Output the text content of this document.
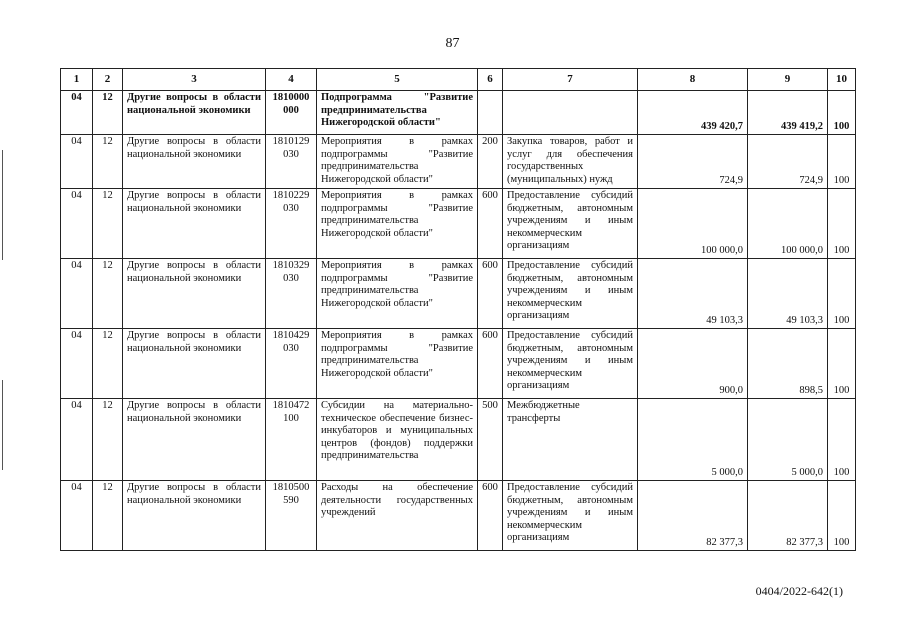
87
1	2	3	4	5	6	7	8	9	10
04	12	Другие вопросы в области национальной экономики	1810000 000	Подпрограмма "Развитие предпринимательства Нижегородской области"			439 420,7	439 419,2	100
04	12	Другие вопросы в области национальной экономики	1810129 030	Мероприятия в рамках подпрограммы "Развитие предпринимательства Нижегородской области"	200	Закупка товаров, работ и услуг для обеспечения государственных (муниципальных) нужд	724,9	724,9	100
04	12	Другие вопросы в области национальной экономики	1810229 030	Мероприятия в рамках подпрограммы "Развитие предпринимательства Нижегородской области"	600	Предоставление субсидий бюджетным, автономным учреждениям и иным некоммерческим организациям	100 000,0	100 000,0	100
04	12	Другие вопросы в области национальной экономики	1810329 030	Мероприятия в рамках подпрограммы "Развитие предпринимательства Нижегородской области"	600	Предоставление субсидий бюджетным, автономным учреждениям и иным некоммерческим организациям	49 103,3	49 103,3	100
04	12	Другие вопросы в области национальной экономики	1810429 030	Мероприятия в рамках подпрограммы "Развитие предпринимательства Нижегородской области"	600	Предоставление субсидий бюджетным, автономным учреждениям и иным некоммерческим организациям	900,0	898,5	100
04	12	Другие вопросы в области национальной экономики	1810472 100	Субсидии на материально-техническое обеспечение бизнес-инкубаторов и муниципальных центров (фондов) поддержки предпринимательства	500	Межбюджетные трансферты	5 000,0	5 000,0	100
04	12	Другие вопросы в области национальной экономики	1810500 590	Расходы на обеспечение деятельности государственных учреждений	600	Предоставление субсидий бюджетным, автономным учреждениям и иным некоммерческим организациям	82 377,3	82 377,3	100
0404/2022-642(1)
